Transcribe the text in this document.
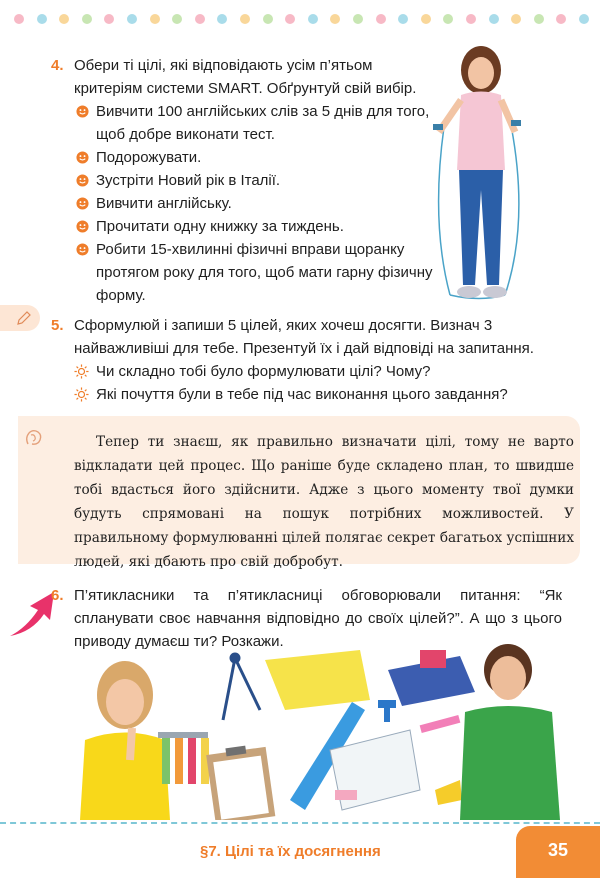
4. Обери ті цілі, які відповідають усім п’ятьом критеріям системи SMART. Обґрунтуй свій вибір.
Вивчити 100 англійських слів за 5 днів для того, щоб добре виконати тест.
Подорожувати.
Зустріти Новий рік в Італії.
Вивчити англійську.
Прочитати одну книжку за тиждень.
Робити 15-хвилинні фізичні вправи щоранку протягом року для того, щоб мати гарну фізичну форму.
5. Сформулюй і запиши 5 цілей, яких хочеш досягти. Визнач 3 найважливіші для тебе. Презентуй їх і дай відповіді на запитання.
Чи складно тобі було формулювати цілі? Чому?
Які почуття були в тебе під час виконання цього завдання?
Тепер ти знаєш, як правильно визначати цілі, тому не варто відкладати цей процес. Що раніше буде складено план, то швидше тобі вдасться його здійснити. Адже з цього моменту твої думки будуть спрямовані на пошук потрібних можливостей. У правильному формулюванні цілей полягає секрет багатьох успішних людей, які дбають про свій добробут.
6. П’ятикласники та п’ятикласниці обговорювали питання: “Як спланувати своє навчання відповідно до своїх цілей?”. А що з цього приводу думаєш ти? Розкажи.
§7. Цілі та їх досягнення	35
